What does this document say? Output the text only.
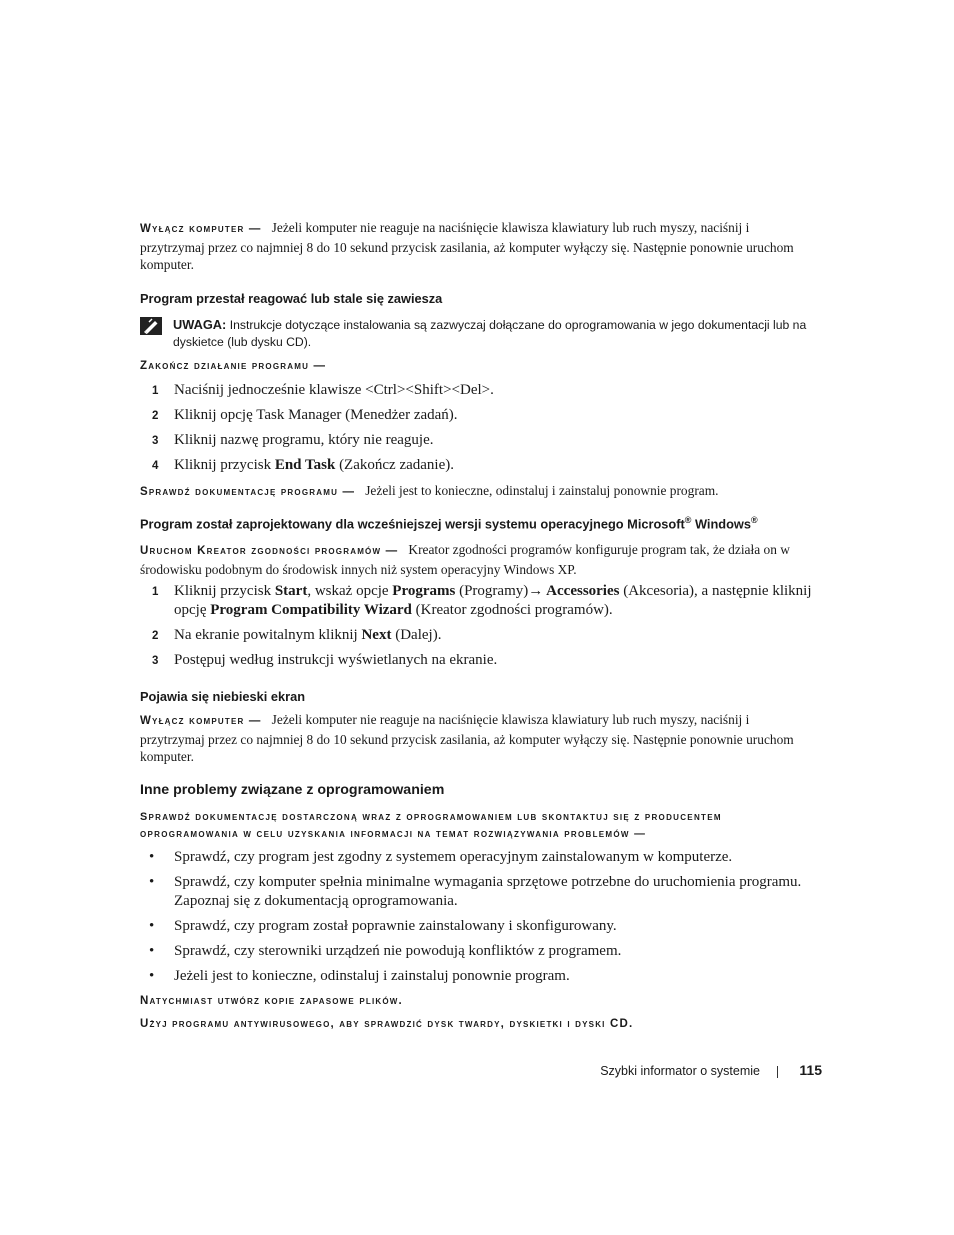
Wyłącz komputer — Jeżeli komputer nie reaguje na naciśnięcie klawisza klawiatury lub ruch myszy, naciśnij i przytrzymaj przez co najmniej 8 do 10 sekund przycisk zasilania, aż komputer wyłączy się. Następnie ponownie uruchom komputer.
Program przestał reagować lub stale się zawiesza
UWAGA: Instrukcje dotyczące instalowania są zazwyczaj dołączane do oprogramowania w jego dokumentacji lub na dyskietce (lub dysku CD).
Zakończ działanie programu —
1 Naciśnij jednocześnie klawisze <Ctrl><Shift><Del>.
2 Kliknij opcję Task Manager (Menedżer zadań).
3 Kliknij nazwę programu, który nie reaguje.
4 Kliknij przycisk End Task (Zakończ zadanie).
Sprawdź dokumentację programu — Jeżeli jest to konieczne, odinstaluj i zainstaluj ponownie program.
Program został zaprojektowany dla wcześniejszej wersji systemu operacyjnego Microsoft® Windows®
Uruchom Kreator zgodności programów — Kreator zgodności programów konfiguruje program tak, że działa on w środowisku podobnym do środowisk innych niż system operacyjny Windows XP.
1 Kliknij przycisk Start, wskaż opcje Programs (Programy)→ Accessories (Akcesoria), a następnie kliknij opcję Program Compatibility Wizard (Kreator zgodności programów).
2 Na ekranie powitalnym kliknij Next (Dalej).
3 Postępuj według instrukcji wyświetlanych na ekranie.
Pojawia się niebieski ekran
Wyłącz komputer — Jeżeli komputer nie reaguje na naciśnięcie klawisza klawiatury lub ruch myszy, naciśnij i przytrzymaj przez co najmniej 8 do 10 sekund przycisk zasilania, aż komputer wyłączy się. Następnie ponownie uruchom komputer.
Inne problemy związane z oprogramowaniem
Sprawdź dokumentację dostarczoną wraz z oprogramowaniem lub skontaktuj się z producentem oprogramowania w celu uzyskania informacji na temat rozwiązywania problemów —
• Sprawdź, czy program jest zgodny z systemem operacyjnym zainstalowanym w komputerze.
• Sprawdź, czy komputer spełnia minimalne wymagania sprzętowe potrzebne do uruchomienia programu. Zapoznaj się z dokumentacją oprogramowania.
• Sprawdź, czy program został poprawnie zainstalowany i skonfigurowany.
• Sprawdź, czy sterowniki urządzeń nie powodują konfliktów z programem.
• Jeżeli jest to konieczne, odinstaluj i zainstaluj ponownie program.
Natychmiast utwórz kopie zapasowe plików.
Użyj programu antywirusowego, aby sprawdzić dysk twardy, dyskietki i dyski CD.
Szybki informator o systemie	115
